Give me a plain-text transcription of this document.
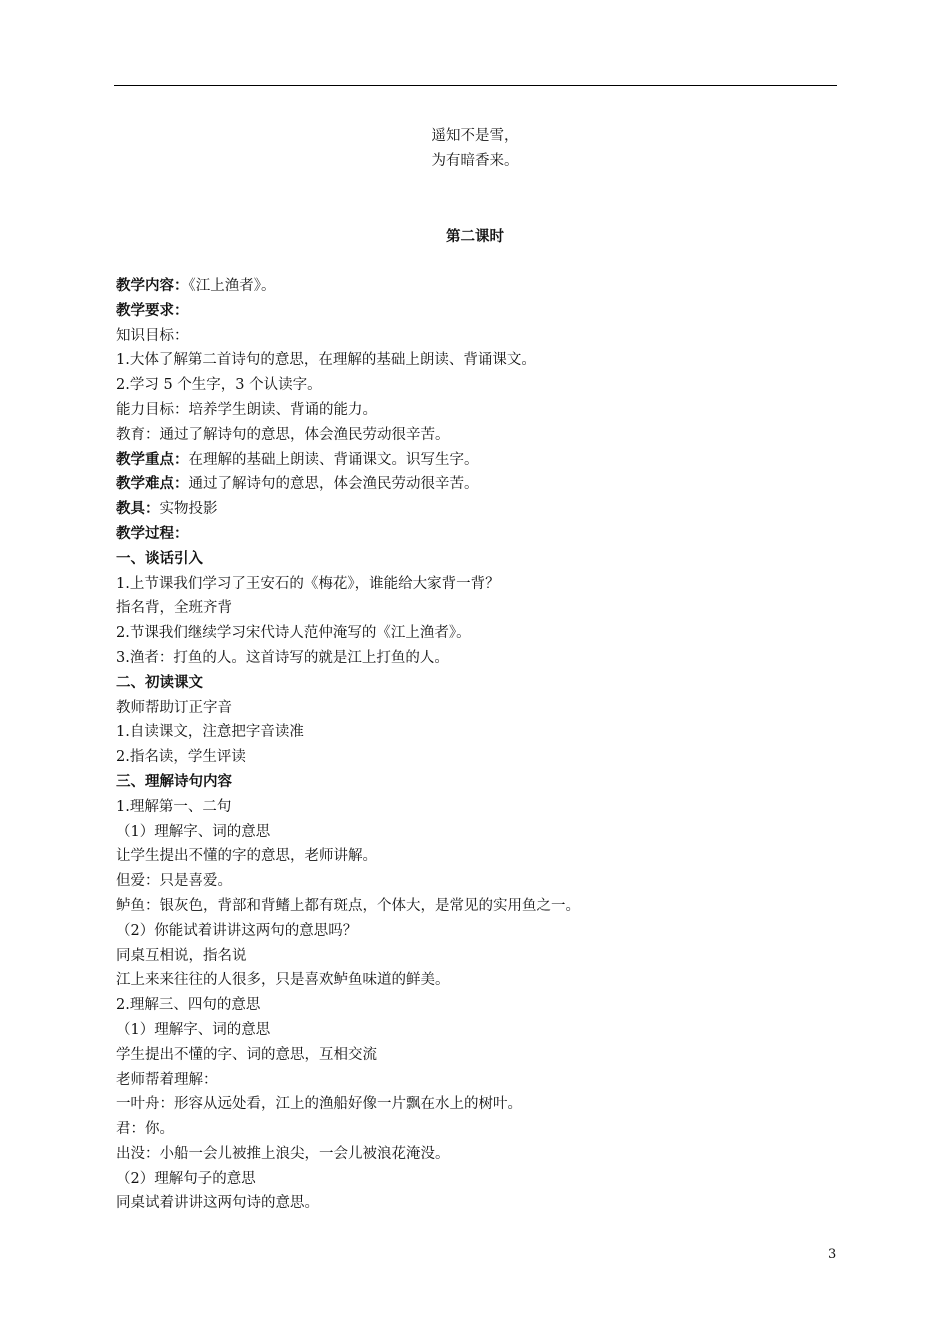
遥知不是雪，
为有暗香来。
第二课时
教学内容：《江上渔者》。
教学要求：
知识目标：
1.大体了解第二首诗句的意思，在理解的基础上朗读、背诵课文。
2.学习 5 个生字，3 个认读字。
能力目标：培养学生朗读、背诵的能力。
教育：通过了解诗句的意思，体会渔民劳动很辛苦。
教学重点：在理解的基础上朗读、背诵课文。识写生字。
教学难点：通过了解诗句的意思，体会渔民劳动很辛苦。
教具：实物投影
教学过程：
一、谈话引入
1.上节课我们学习了王安石的《梅花》，谁能给大家背一背？
指名背，全班齐背
2.节课我们继续学习宋代诗人范仲淹写的《江上渔者》。
3.渔者：打鱼的人。这首诗写的就是江上打鱼的人。
二、初读课文
教师帮助订正字音
1.自读课文，注意把字音读准
2.指名读，学生评读
三、理解诗句内容
1.理解第一、二句
（1）理解字、词的意思
让学生提出不懂的字的意思，老师讲解。
但爱：只是喜爱。
鲈鱼：银灰色，背部和背鳍上都有斑点，个体大，是常见的实用鱼之一。
（2）你能试着讲讲这两句的意思吗？
同桌互相说，指名说
江上来来往往的人很多，只是喜欢鲈鱼味道的鲜美。
2.理解三、四句的意思
（1）理解字、词的意思
学生提出不懂的字、词的意思，互相交流
老师帮着理解：
一叶舟：形容从远处看，江上的渔船好像一片飘在水上的树叶。
君：你。
出没：小船一会儿被推上浪尖，一会儿被浪花淹没。
（2）理解句子的意思
同桌试着讲讲这两句诗的意思。
3
